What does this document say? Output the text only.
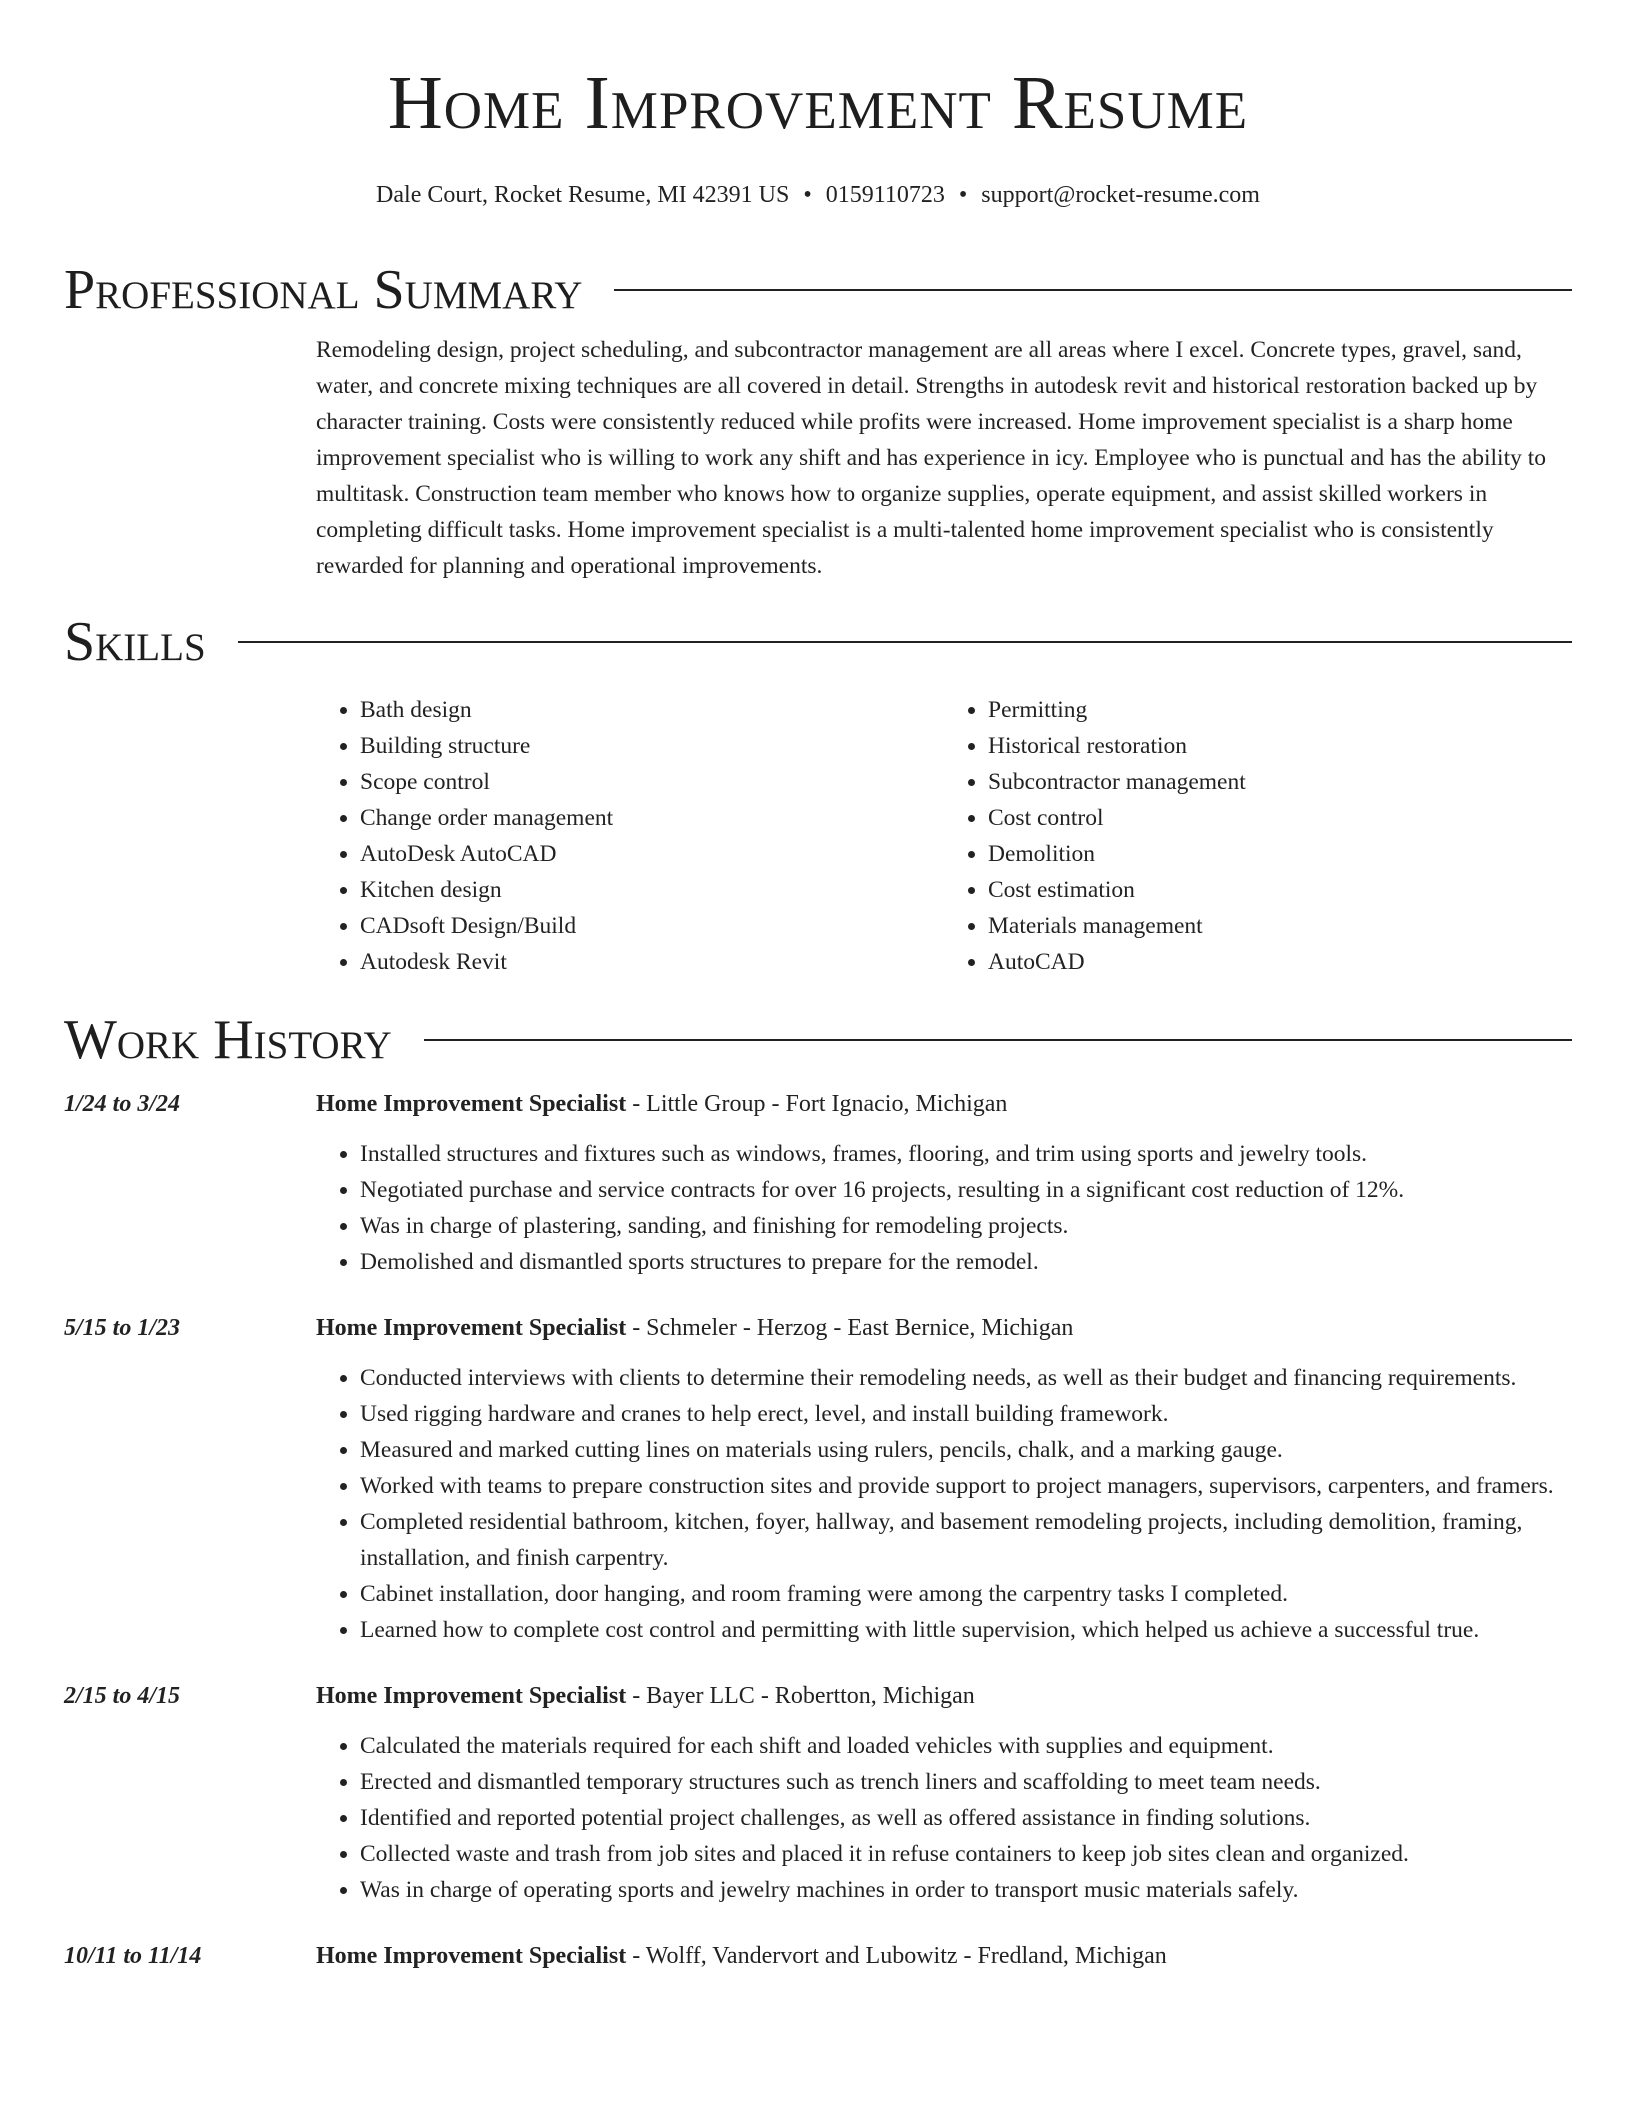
Home Improvement Resume
Dale Court, Rocket Resume, MI 42391 US • 0159110723 • support@rocket-resume.com
Professional Summary
Remodeling design, project scheduling, and subcontractor management are all areas where I excel. Concrete types, gravel, sand, water, and concrete mixing techniques are all covered in detail. Strengths in autodesk revit and historical restoration backed up by character training. Costs were consistently reduced while profits were increased. Home improvement specialist is a sharp home improvement specialist who is willing to work any shift and has experience in icy. Employee who is punctual and has the ability to multitask. Construction team member who knows how to organize supplies, operate equipment, and assist skilled workers in completing difficult tasks. Home improvement specialist is a multi-talented home improvement specialist who is consistently rewarded for planning and operational improvements.
Skills
• Bath design
• Building structure
• Scope control
• Change order management
• AutoDesk AutoCAD
• Kitchen design
• CADsoft Design/Build
• Autodesk Revit
• Permitting
• Historical restoration
• Subcontractor management
• Cost control
• Demolition
• Cost estimation
• Materials management
• AutoCAD
Work History
1/24 to 3/24	Home Improvement Specialist - Little Group - Fort Ignacio, Michigan
• Installed structures and fixtures such as windows, frames, flooring, and trim using sports and jewelry tools.
• Negotiated purchase and service contracts for over 16 projects, resulting in a significant cost reduction of 12%.
• Was in charge of plastering, sanding, and finishing for remodeling projects.
• Demolished and dismantled sports structures to prepare for the remodel.
5/15 to 1/23	Home Improvement Specialist - Schmeler - Herzog - East Bernice, Michigan
• Conducted interviews with clients to determine their remodeling needs, as well as their budget and financing requirements.
• Used rigging hardware and cranes to help erect, level, and install building framework.
• Measured and marked cutting lines on materials using rulers, pencils, chalk, and a marking gauge.
• Worked with teams to prepare construction sites and provide support to project managers, supervisors, carpenters, and framers.
• Completed residential bathroom, kitchen, foyer, hallway, and basement remodeling projects, including demolition, framing, installation, and finish carpentry.
• Cabinet installation, door hanging, and room framing were among the carpentry tasks I completed.
• Learned how to complete cost control and permitting with little supervision, which helped us achieve a successful true.
2/15 to 4/15	Home Improvement Specialist - Bayer LLC - Robertton, Michigan
• Calculated the materials required for each shift and loaded vehicles with supplies and equipment.
• Erected and dismantled temporary structures such as trench liners and scaffolding to meet team needs.
• Identified and reported potential project challenges, as well as offered assistance in finding solutions.
• Collected waste and trash from job sites and placed it in refuse containers to keep job sites clean and organized.
• Was in charge of operating sports and jewelry machines in order to transport music materials safely.
10/11 to 11/14	Home Improvement Specialist - Wolff, Vandervort and Lubowitz - Fredland, Michigan
